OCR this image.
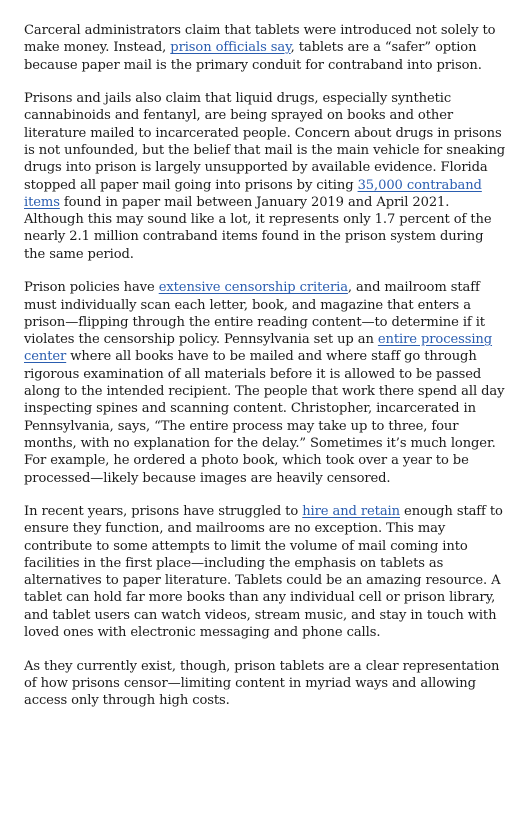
Carceral administrators claim that tablets were introduced not solely to make money. Instead, prison officials say, tablets are a “safer” option because paper mail is the primary conduit for contraband into prison.

Prisons and jails also claim that liquid drugs, especially synthetic cannabinoids and fentanyl, are being sprayed on books and other literature mailed to incarcerated people. Concern about drugs in prisons is not unfounded, but the belief that mail is the main vehicle for sneaking drugs into prison is largely unsupported by available evidence. Florida stopped all paper mail going into prisons by citing 35,000 contraband items found in paper mail between January 2019 and April 2021. Although this may sound like a lot, it represents only 1.7 percent of the nearly 2.1 million contraband items found in the prison system during the same period.

Prison policies have extensive censorship criteria, and mailroom staff must individually scan each letter, book, and magazine that enters a prison—flipping through the entire reading content—to determine if it violates the censorship policy. Pennsylvania set up an entire processing center where all books have to be mailed and where staff go through rigorous examination of all materials before it is allowed to be passed along to the intended recipient. The people that work there spend all day inspecting spines and scanning content. Christopher, incarcerated in Pennsylvania, says, “The entire process may take up to three, four months, with no explanation for the delay.” Sometimes it’s much longer. For example, he ordered a photo book, which took over a year to be processed—likely because images are heavily censored.

In recent years, prisons have struggled to hire and retain enough staff to ensure they function, and mailrooms are no exception. This may contribute to some attempts to limit the volume of mail coming into facilities in the first place—including the emphasis on tablets as alternatives to paper literature. Tablets could be an amazing resource. A tablet can hold far more books than any individual cell or prison library, and tablet users can watch videos, stream music, and stay in touch with loved ones with electronic messaging and phone calls.

As they currently exist, though, prison tablets are a clear representation of how prisons censor—limiting content in myriad ways and allowing access only through high costs.
